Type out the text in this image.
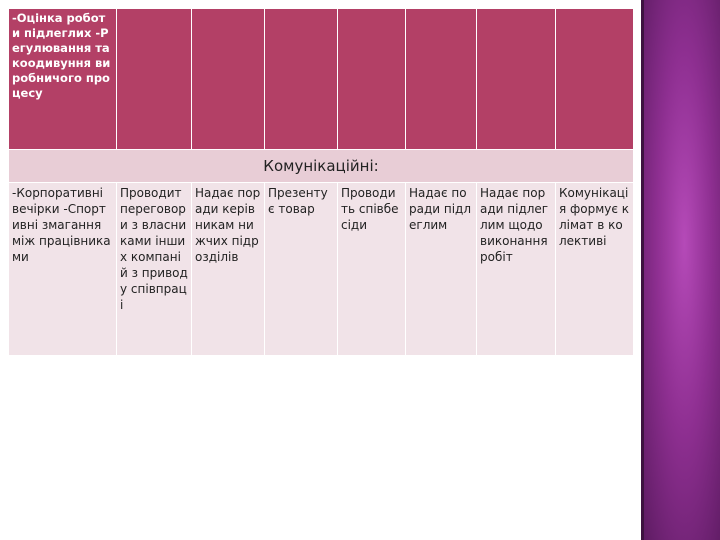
-Оцінка роботи підлеглих -Регулювання та коодивуння виробничого процесу							
Комунікаційні:							
-Корпоративні вечірки -Спортивні змагання між працівниками	Проводит переговори з власниками інших компаній з приводу співпраці	Надає поради керівникам нижчих підрозділів	Презентує товар	Проводить співбесіди	Надає поради підлеглим	Надає поради підлеглим щодо виконання робіт	Комунікація формує клімат в колективі
